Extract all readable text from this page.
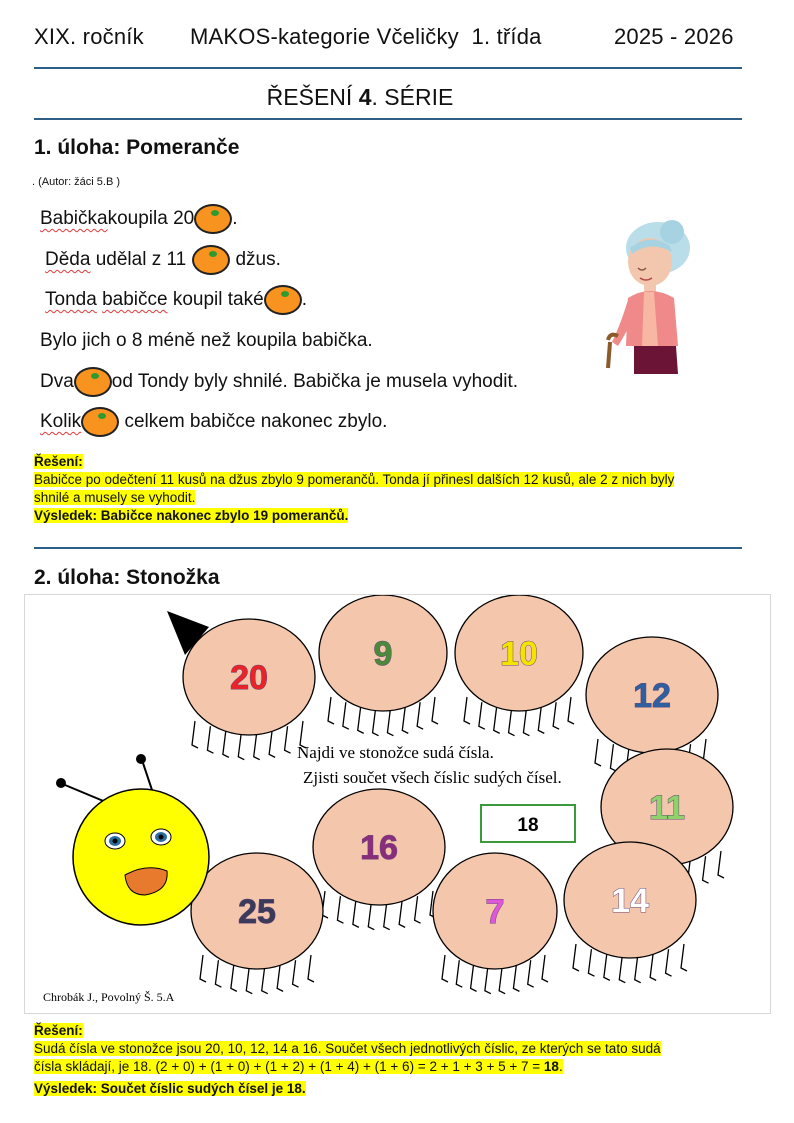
XIX. ročník MAKOS-kategorie Včeličky  1. třída	2025 - 2026
ŘEŠENÍ 4. SÉRIE
1. úloha: Pomeranče
. (Autor: žáci 5.B )
Babička koupila 20 .
Děda udělal z 11 džus.
Tonda
babičce koupil také .
Bylo jich o 8 méně než koupila babička.
Dva od Tondy byly shnilé. Babička je musela vyhodit.
Kolik celkem babičce nakonec zbylo.
Řešení:
Babičce po odečtení 11 kusů na džus zbylo 9 pomerančů. Tonda jí přinesl dalších 12 kusů, ale 2 z nich byly
shnilé a musely se vyhodit.
Výsledek: Babičce nakonec zbylo 19 pomerančů.
2. úloha: Stonožka
20
9	10
12
11
16
25	7	14
Najdi ve stonožce sudá čísla.
Zjisti součet všech číslic sudých čísel.
18
Chrobák J., Povolný Š. 5.A
Řešení:
Sudá čísla ve stonožce jsou 20, 10, 12, 14 a 16. Součet všech jednotlivých číslic, ze kterých se tato sudá
čísla skládají, je 18. (2 + 0) + (1 + 0) + (1 + 2) + (1 + 4) + (1 + 6) = 2 + 1 + 3 + 5 + 7 = 18.
Výsledek: Součet číslic sudých čísel je 18.
